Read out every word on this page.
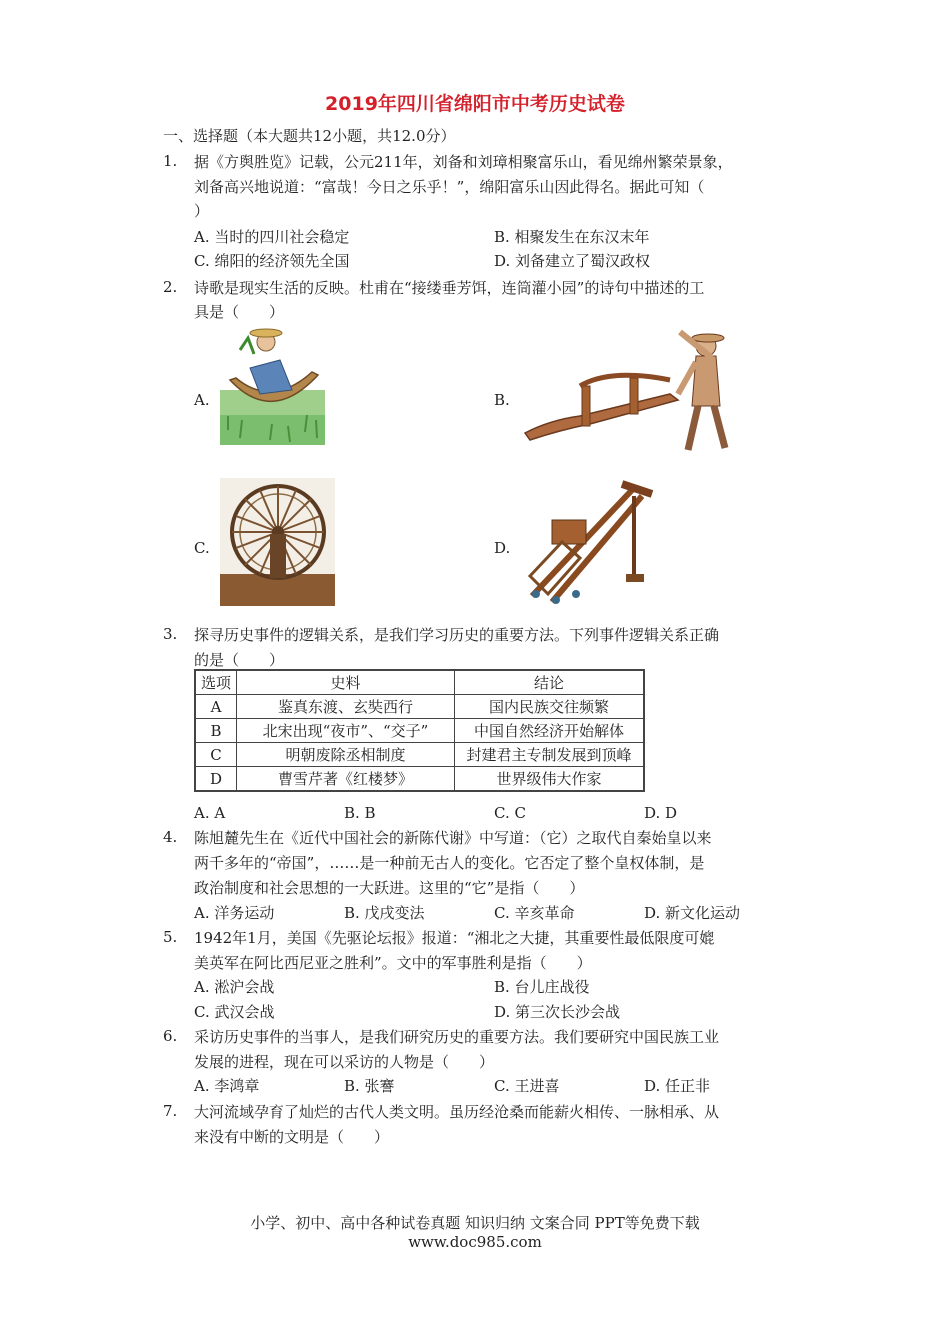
2019年四川省绵阳市中考历史试卷
一、选择题（本大题共12小题，共12.0分）
1. 据《方舆胜览》记载，公元211年，刘备和刘璋相聚富乐山，看见绵州繁荣景象，
刘备高兴地说道：“富哉！今日之乐乎！”，绵阳富乐山因此得名。据此可知（
）
A. 当时的四川社会稳定	B. 相聚发生在东汉末年
C. 绵阳的经济领先全国	D. 刘备建立了蜀汉政权
2. 诗歌是现实生活的反映。杜甫在“接缕垂芳饵，连筒灌小园”的诗句中描述的工
具是（　　）
A.	B.
C.	D.
3. 探寻历史事件的逻辑关系，是我们学习历史的重要方法。下列事件逻辑关系正确
的是（　　）
选项	史料	结论
A	鉴真东渡、玄奘西行	国内民族交往频繁
B	北宋出现“夜市”、“交子”	中国自然经济开始解体
C	明朝废除丞相制度	封建君主专制发展到顶峰
D	曹雪芹著《红楼梦》	世界级伟大作家
A. A	B. B	C. C	D. D
4. 陈旭麓先生在《近代中国社会的新陈代谢》中写道：（它）之取代自秦始皇以来
两千多年的“帝国”，……是一种前无古人的变化。它否定了整个皇权体制，是
政治制度和社会思想的一大跃进。这里的“它”是指（　　）
A. 洋务运动	B. 戊戌变法	C. 辛亥革命	D. 新文化运动
5. 1942年1月，美国《先驱论坛报》报道：“湘北之大捷，其重要性最低限度可媲
美英军在阿比西尼亚之胜利”。文中的军事胜利是指（　　）
A. 淞沪会战	B. 台儿庄战役
C. 武汉会战	D. 第三次长沙会战
6. 采访历史事件的当事人，是我们研究历史的重要方法。我们要研究中国民族工业
发展的进程，现在可以采访的人物是（　　）
A. 李鸿章	B. 张謇	C. 王进喜	D. 任正非
7. 大河流域孕育了灿烂的古代人类文明。虽历经沧桑而能薪火相传、一脉相承、从
来没有中断的文明是（　　）
小学、初中、高中各种试卷真题 知识归纳 文案合同 PPT等免费下载
www.doc985.com
